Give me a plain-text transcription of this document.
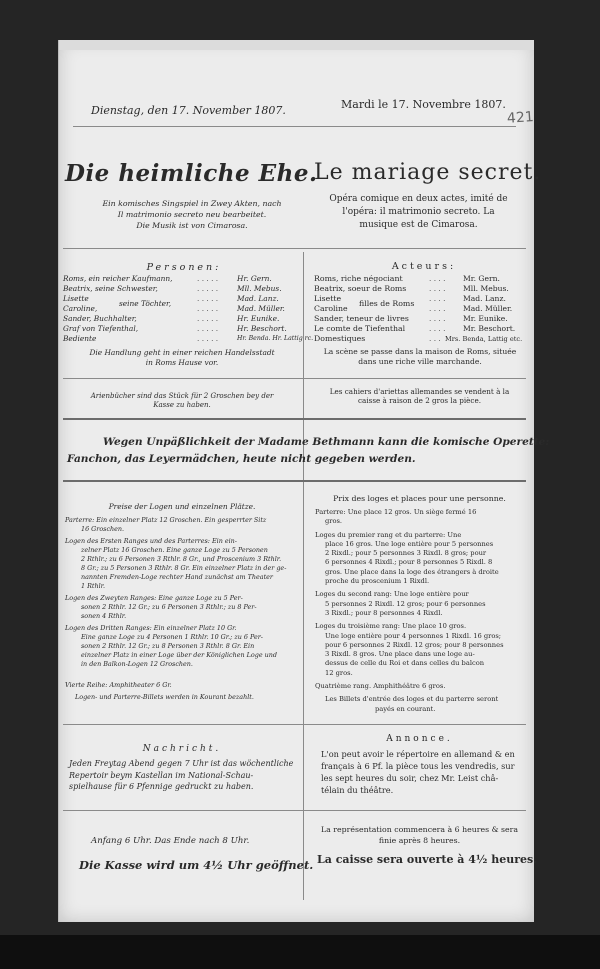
Dienstag, den 17. November 1807.	Mardi le 17. Novembre 1807.
Die heimliche Ehe.
Le mariage secret.
Ein komisches Singspiel in Zwey Akten, nach
Il matrimonio secreto neu bearbeitet.
Die Musik ist von Cimarosa.
Opéra comique en deux actes, imité de
l'opéra: il matrimonio secreto. La
musique est de Cimarosa.
Personen:
Roms, ein reicher Kaufmann,
Beatrix, seine Schwester,
Lisette
Caroline,
Sander, Buchhalter,
Graf von Tiefenthal,
Bediente
seine Töchter,
. . . . .
. . . . .
. . . . .
. . . . .
. . . . .
. . . . .
. . . . .
Hr. Gern.
Mll. Mebus.
Mad. Lanz.
Mad. Müller.
Hr. Eunike.
Hr. Beschort.
Hr. Benda. Hr. Lattig rc.
Die Handlung geht in einer reichen Handelsstadt
in Roms Hause vor.
Acteurs:
Roms, riche négociant
Beatrix, soeur de Roms
Lisette
Caroline
Sander, teneur de livres
Le comte de Tiefenthal
Domestiques
filles de Roms
. . . .
. . . .
. . . .
. . . .
. . . .
. . . .
. . .
Mr. Gern.
Mll. Mebus.
Mad. Lanz.
Mad. Müller.
Mr. Eunike.
Mr. Beschort.
Mrs. Benda, Lattig etc.
La scène se passe dans la maison de Roms, située
dans une riche ville marchande.
Arienbücher sind das Stück für 2 Groschen bey der
Kasse zu haben.
Les cahiers d'ariettas allemandes se vendent à la
caisse à raison de 2 gros la pièce.
Wegen Unpäßlichkeit der Madame Bethmann kann die komische Operette:
Fanchon, das Leyermädchen, heute nicht gegeben werden.
Preise der Logen und einzelnen Plätze.
Parterre: Ein einzelner Platz 12 Groschen. Ein gesperrter Sitz
16 Groschen.
Logen des Ersten Ranges und des Parterres: Ein ein-
zelner Platz 16 Groschen. Eine ganze Loge zu 5 Personen
2 Rthlr.; zu 6 Personen 3 Rthlr. 8 Gr., und Proscenium 3 Rthlr.
8 Gr.; zu 5 Personen 3 Rthlr. 8 Gr. Ein einzelner Platz in der ge-
nannten Fremden-Loge rechter Hand zunächst am Theater
1 Rthlr.
Logen des Zweyten Ranges: Eine ganze Loge zu 5 Per-
sonen 2 Rthlr. 12 Gr.; zu 6 Personen 3 Rthlr.; zu 8 Per-
sonen 4 Rthlr.
Logen des Dritten Ranges: Ein einzelner Platz 10 Gr.
Eine ganze Loge zu 4 Personen 1 Rthlr. 10 Gr.; zu 6 Per-
sonen 2 Rthlr. 12 Gr.; zu 8 Personen 3 Rthlr. 8 Gr. Ein
einzelner Platz in einer Loge über der Königlichen Loge und
in den Balkon-Logen 12 Groschen.
Vierte Reihe: Amphitheater 6 Gr.
Logen- und Parterre-Billets werden in Kourant bezahlt.
Prix des loges et places pour une personne.
Parterre: Une place 12 gros. Un siège fermé 16
gros.
Loges du premier rang et du parterre: Une
place 16 gros. Une loge entière pour 5 personnes
2 Rixdl.; pour 5 personnes 3 Rixdl. 8 gros; pour
6 personnes 4 Rixdl.; pour 8 personnes 5 Rixdl. 8
gros. Une place dans la loge des étrangers à droite
proche du proscenium 1 Rixdl.
Loges du second rang: Une loge entière pour
5 personnes 2 Rixdl. 12 gros; pour 6 personnes
3 Rixdl.; pour 8 personnes 4 Rixdl.
Loges du troisième rang: Une place 10 gros.
Une loge entière pour 4 personnes 1 Rixdl. 16 gros;
pour 6 personnes 2 Rixdl. 12 gros; pour 8 personnes
3 Rixdl. 8 gros. Une place dans une loge au-
dessus de celle du Roi et dans celles du balcon
12 gros.
Quatrième rang. Amphithéâtre 6 gros.
Les Billets d'entrée des loges et du parterre seront
payés en courant.
Nachricht.
Jeden Freytag Abend gegen 7 Uhr ist das wöchentliche
Repertoir beym Kastellan im National-Schau-
spielhause für 6 Pfennige gedruckt zu haben.
Annonce.
L'on peut avoir le répertoire en allemand & en
français à 6 Pf. la pièce tous les vendredis, sur
les sept heures du soir, chez Mr. Leist châ-
télain du théâtre.
Anfang 6 Uhr. Das Ende nach 8 Uhr.
Die Kasse wird um 4½ Uhr geöffnet.
La représentation commencera à 6 heures & sera
finie après 8 heures.
La caisse sera ouverte à 4½ heures.
421
